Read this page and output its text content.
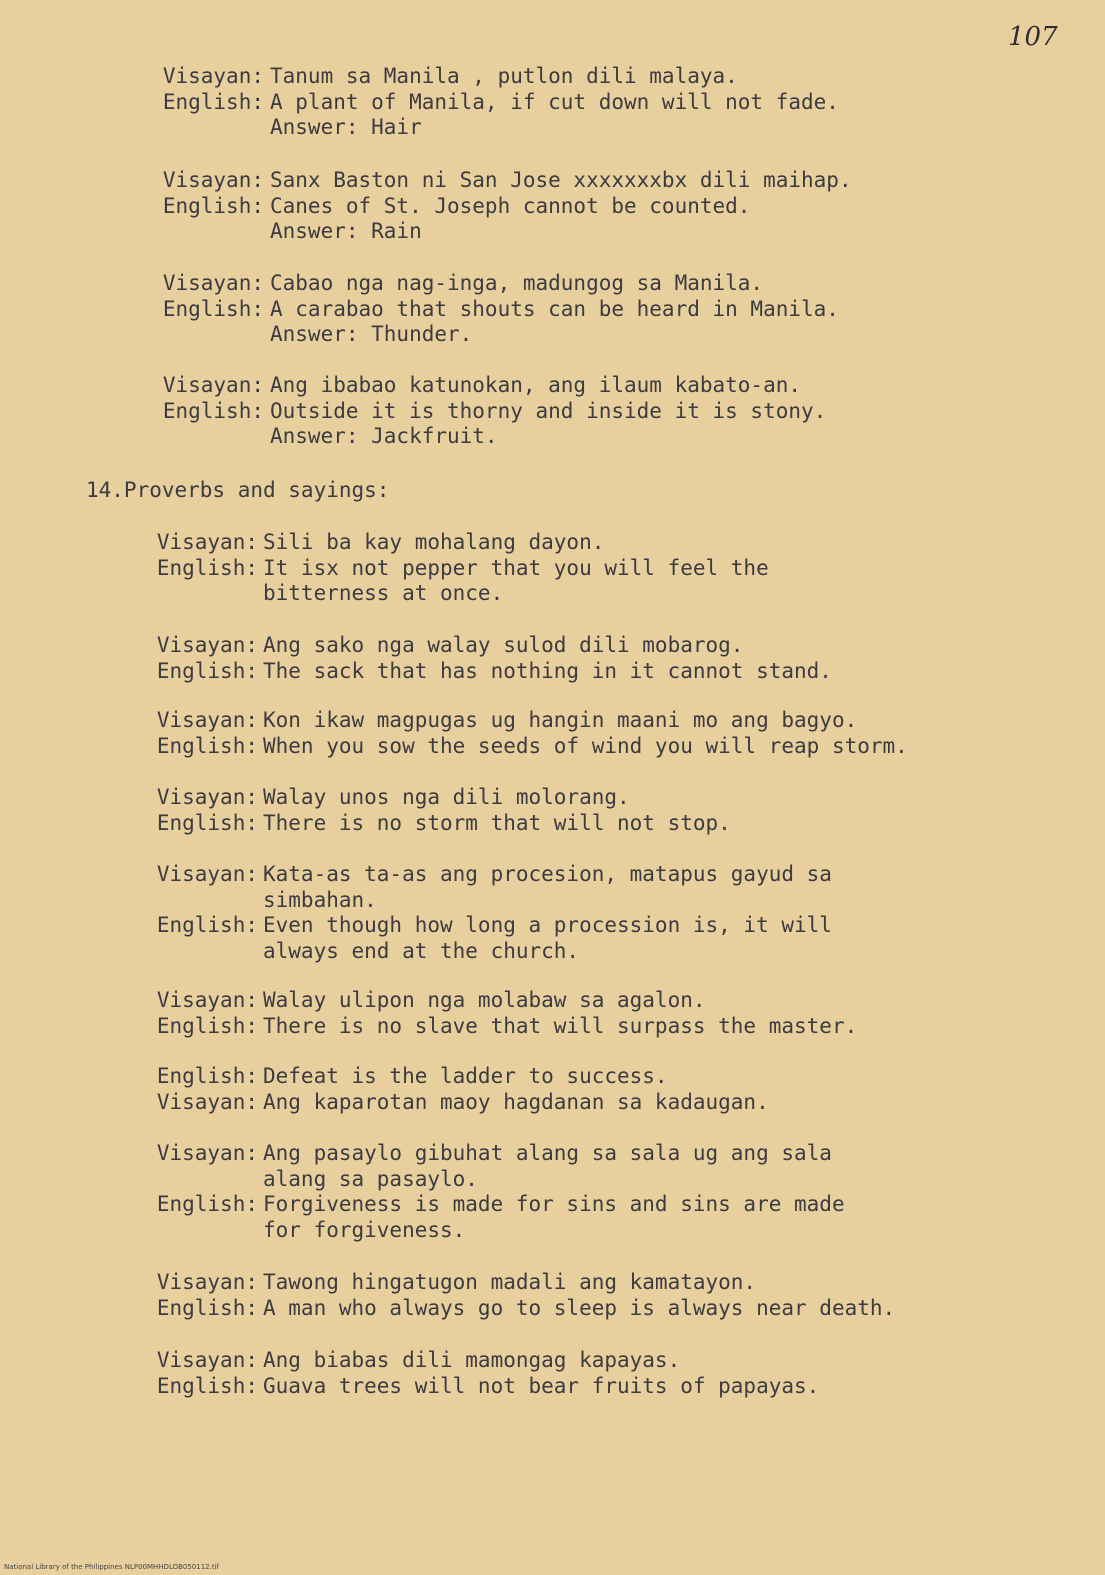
107
Visayan: Tanum sa Manila , putlon dili malaya.
English: A plant of Manila, if cut down will not fade.
Answer: Hair
Visayan: Sanx Baston ni San Jose xxxxxxxbx dili maihap.
English: Canes of St. Joseph cannot be counted.
Answer: Rain
Visayan: Cabao nga nag-inga, madungog sa Manila.
English: A carabao that shouts can be heard in Manila.
Answer: Thunder.
Visayan: Ang ibabao katunokan, ang ilaum kabato-an.
English: Outside it is thorny and inside it is stony.
Answer: Jackfruit.
14.Proverbs and sayings:
Visayan: Sili ba kay mohalang dayon.
English: It isx not pepper that you will feel the
bitterness at once.
Visayan: Ang sako nga walay sulod dili mobarog.
English: The sack that has nothing in it cannot stand.
Visayan: Kon ikaw magpugas ug hangin maani mo ang bagyo.
English: When you sow the seeds of wind you will reap storm.
Visayan: Walay unos nga dili molorang.
English: There is no storm that will not stop.
Visayan: Kata-as ta-as ang procesion, matapus gayud sa
simbahan.
English: Even though how long a procession is, it will
always end at the church.
Visayan: Walay ulipon nga molabaw sa agalon.
English: There is no slave that will surpass the master.
English: Defeat is the ladder to success.
Visayan: Ang kaparotan maoy hagdanan sa kadaugan.
Visayan: Ang pasaylo gibuhat alang sa sala ug ang sala
alang sa pasaylo.
English: Forgiveness is made for sins and sins are made
for forgiveness.
Visayan: Tawong hingatugon madali ang kamatayon.
English: A man who always go to sleep is always near death.
Visayan: Ang biabas dili mamongag kapayas.
English: Guava trees will not bear fruits of papayas.
National Library of the Philippines NLP00MHHDLOB050112.tif
